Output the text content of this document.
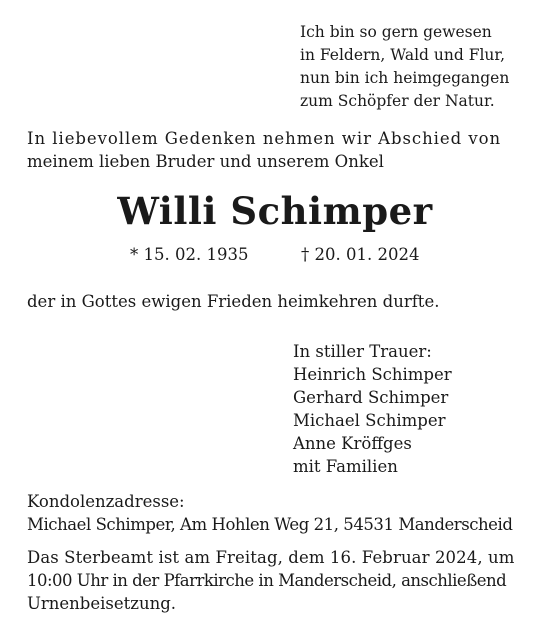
Ich bin so gern gewesen
in Feldern, Wald und Flur,
nun bin ich heimgegangen
zum Schöpfer der Natur.
In liebevollem Gedenken nehmen wir Abschied von
meinem lieben Bruder und unserem Onkel
Willi Schimper
* 15. 02. 1935	† 20. 01. 2024
der in Gottes ewigen Frieden heimkehren durfte.
In stiller Trauer:
Heinrich Schimper
Gerhard Schimper
Michael Schimper
Anne Kröffges
mit Familien
Kondolenzadresse:
Michael Schimper, Am Hohlen Weg 21, 54531 Manderscheid
Das Sterbeamt ist am Freitag, dem 16. Februar 2024, um
10:00 Uhr in der Pfarrkirche in Manderscheid, anschließend
Urnenbeisetzung.
